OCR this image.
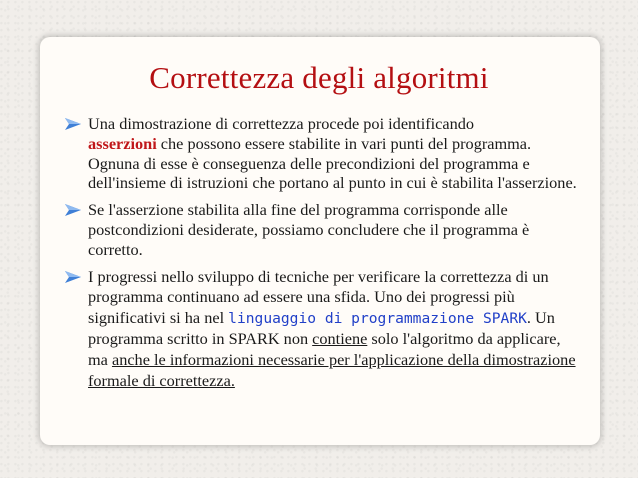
Correttezza degli algoritmi
Una dimostrazione di correttezza procede poi identificando
asserzioni che possono essere stabilite in vari punti del programma. Ognuna di esse è conseguenza delle precondizioni del programma e dell'insieme di istruzioni che portano al punto in cui è stabilita l'asserzione.
Se l'asserzione stabilita alla fine del programma corrisponde alle postcondizioni desiderate, possiamo concludere che il programma è corretto.
I progressi nello sviluppo di tecniche per verificare la correttezza di un programma continuano ad essere una sfida. Uno dei progressi più significativi si ha nel linguaggio di programmazione SPARK. Un programma scritto in SPARK non contiene solo l'algoritmo da applicare, ma anche le informazioni necessarie per l'applicazione della dimostrazione formale di correttezza.
